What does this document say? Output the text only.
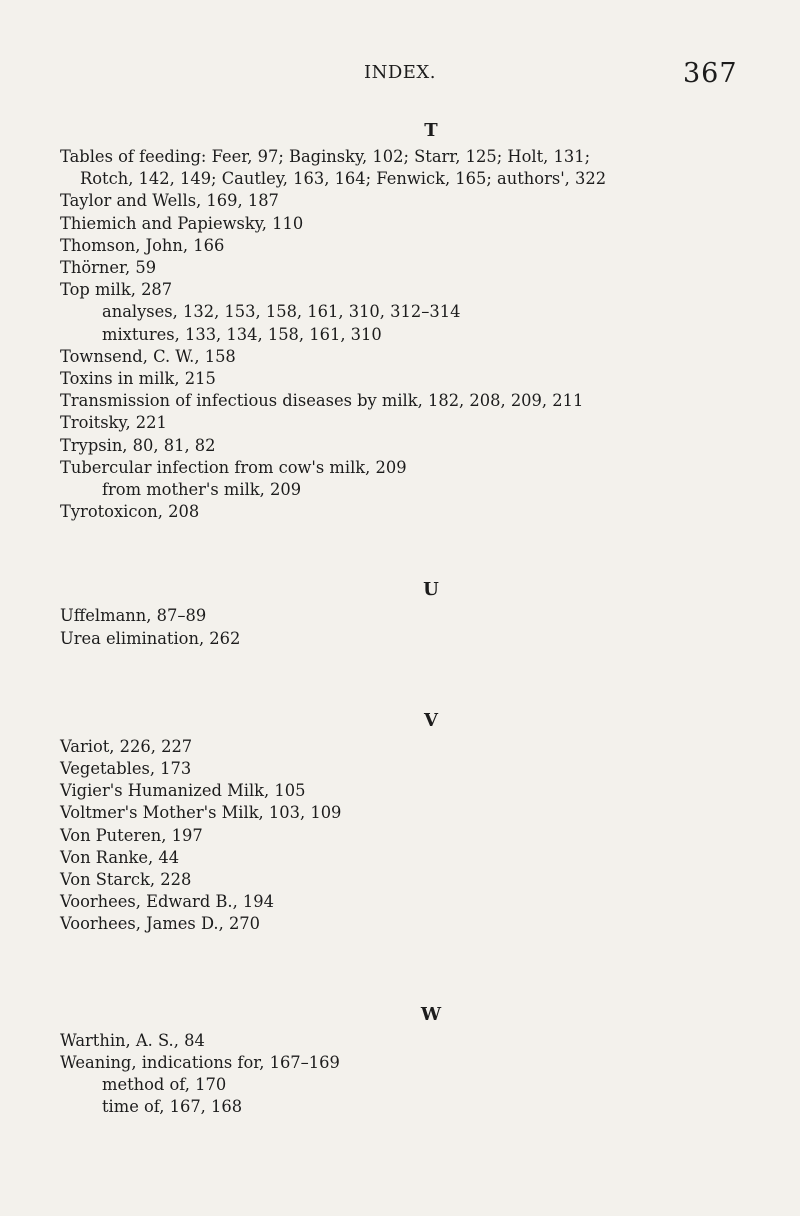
INDEX.	367
T
Tables of feeding: Feer, 97; Baginsky, 102; Starr, 125; Holt, 131;
Rotch, 142, 149; Cautley, 163, 164; Fenwick, 165; authors', 322
Taylor and Wells, 169, 187
Thiemich and Papiewsky, 110
Thomson, John, 166
Thörner, 59
Top milk, 287
analyses, 132, 153, 158, 161, 310, 312–314
mixtures, 133, 134, 158, 161, 310
Townsend, C. W., 158
Toxins in milk, 215
Transmission of infectious diseases by milk, 182, 208, 209, 211
Troitsky, 221
Trypsin, 80, 81, 82
Tubercular infection from cow's milk, 209
from mother's milk, 209
Tyrotoxicon, 208
U
Uffelmann, 87–89
Urea elimination, 262
V
Variot, 226, 227
Vegetables, 173
Vigier's Humanized Milk, 105
Voltmer's Mother's Milk, 103, 109
Von Puteren, 197
Von Ranke, 44
Von Starck, 228
Voorhees, Edward B., 194
Voorhees, James D., 270
W
Warthin, A. S., 84
Weaning, indications for, 167–169
method of, 170
time of, 167, 168
